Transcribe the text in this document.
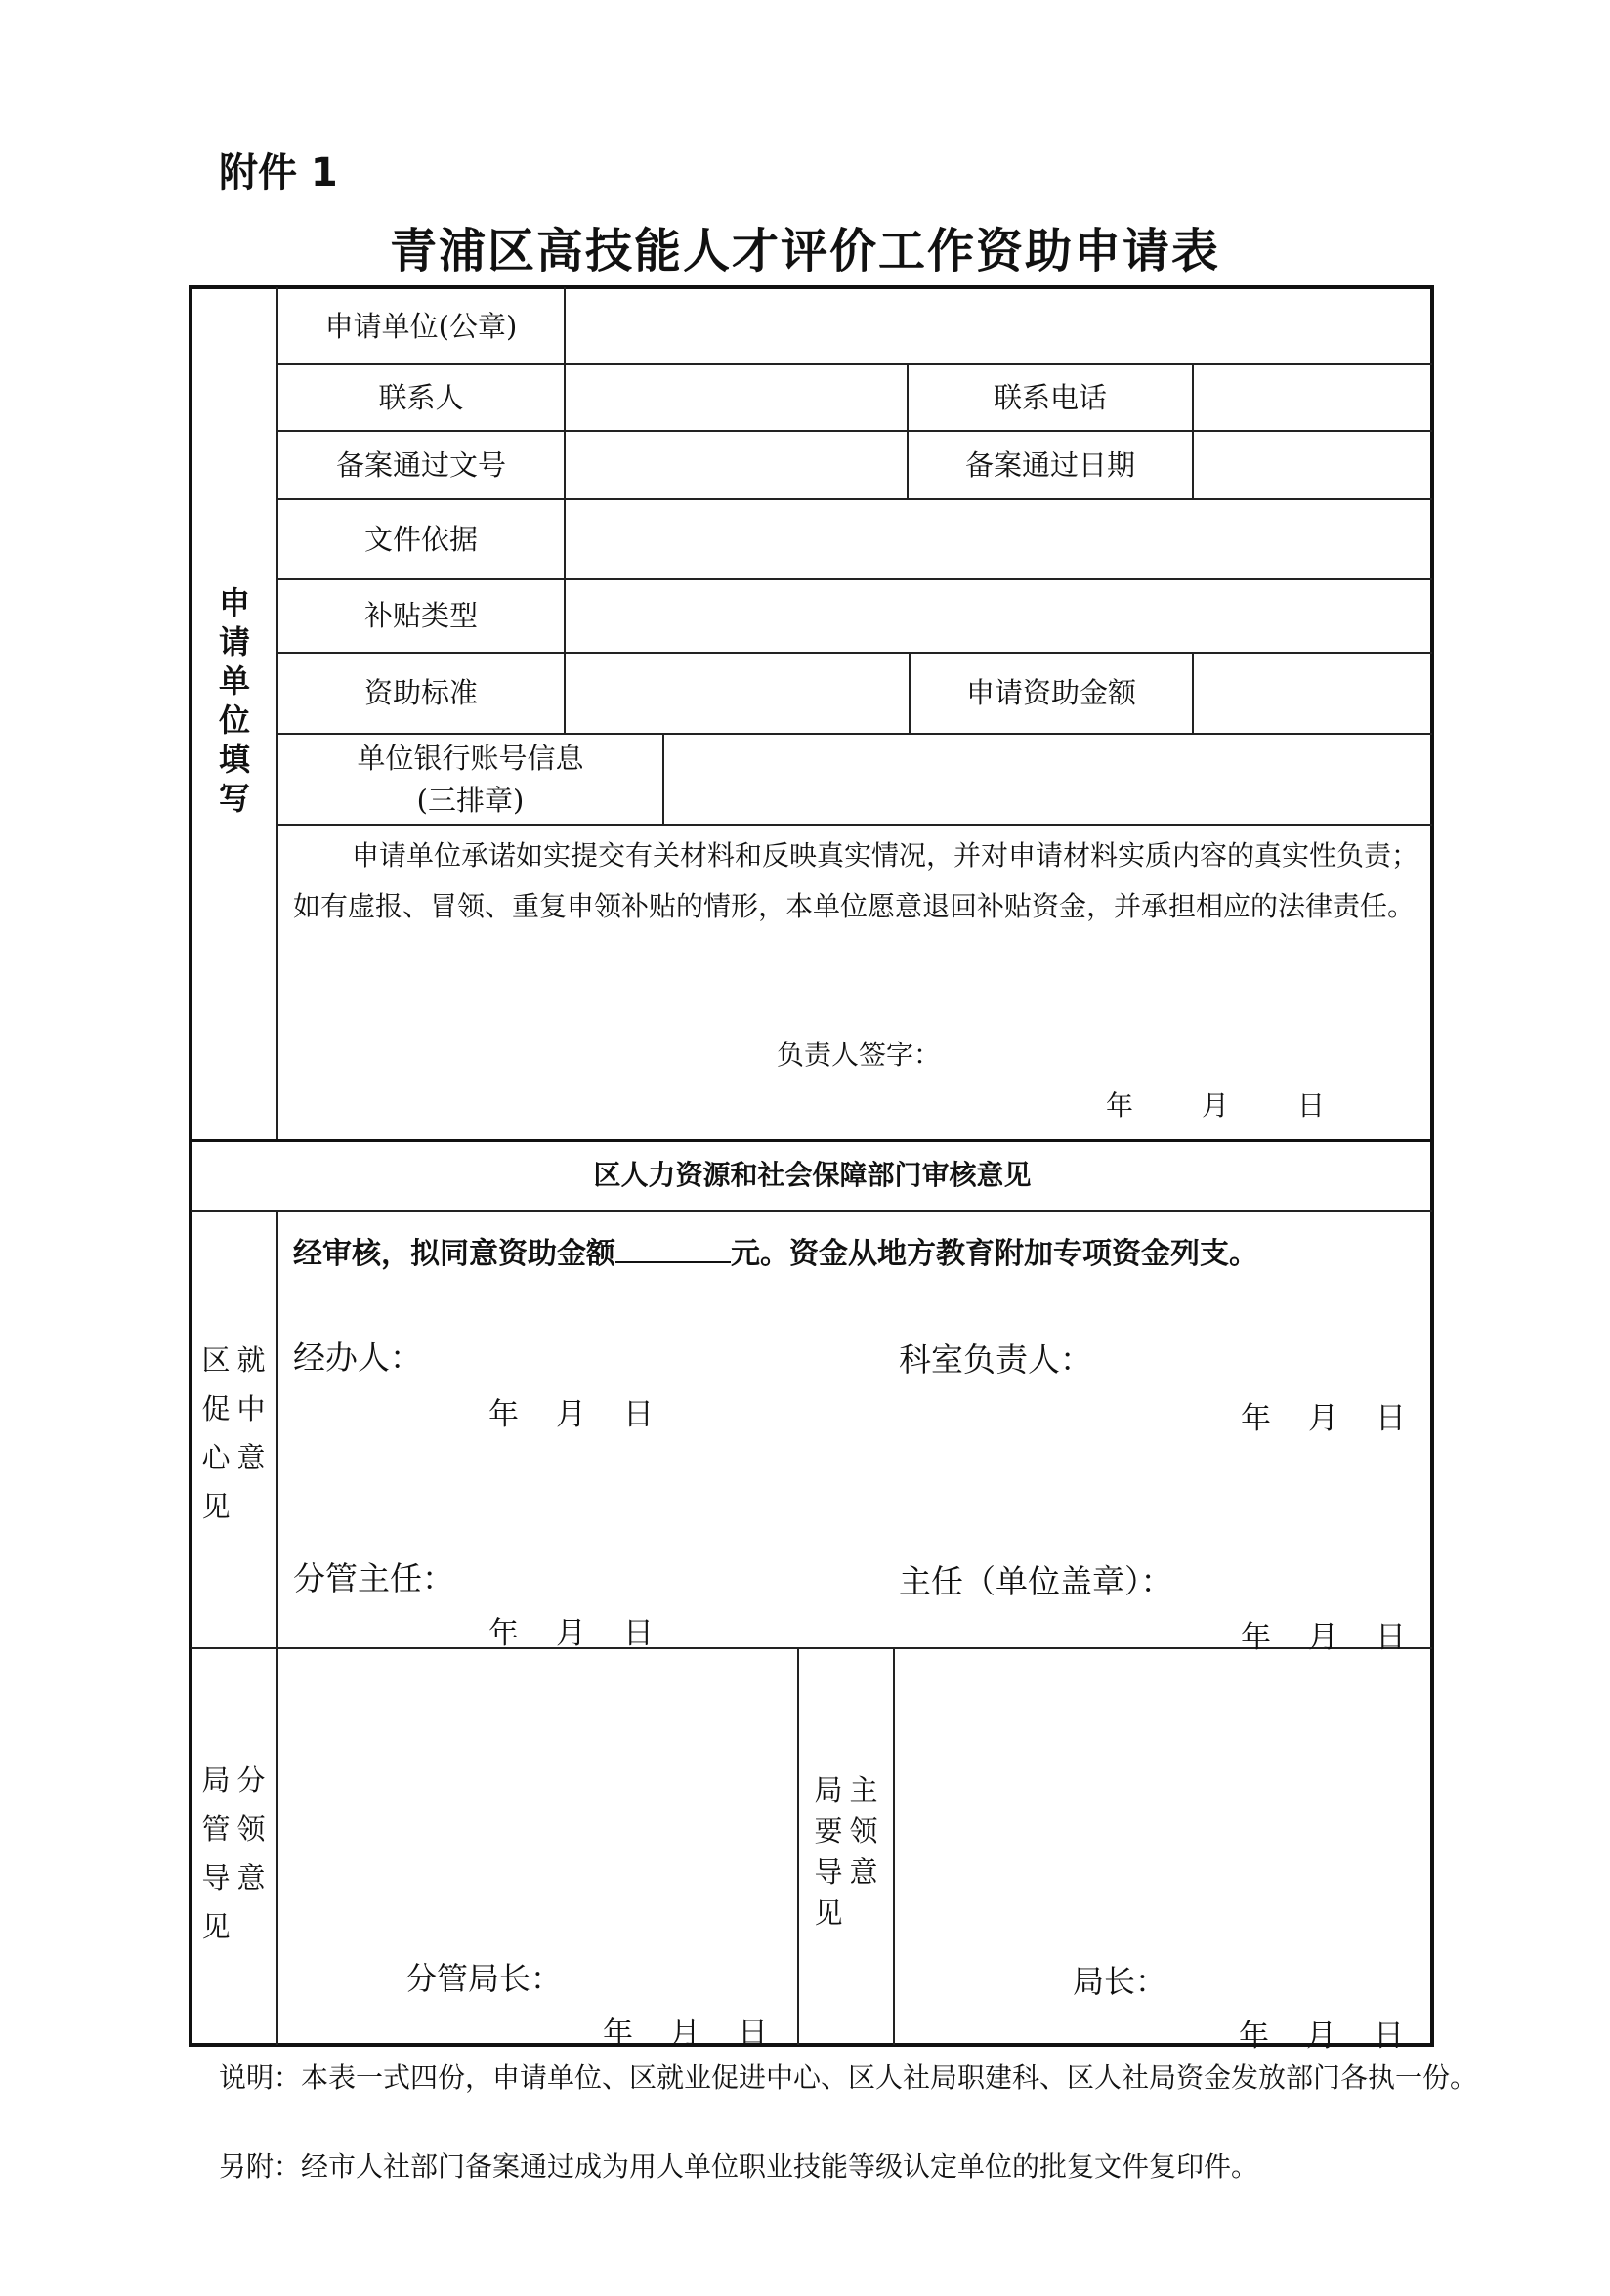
附件 1
青浦区高技能人才评价工作资助申请表
申请单位填写
申请单位(公章)
联系人	联系电话
备案通过文号	备案通过日期
文件依据
补贴类型
资助标准	申请资助金额
单位银行账号信息
(三排章)
申请单位承诺如实提交有关材料和反映真实情况，并对申请材料实质内容的真实性负责；如有虚报、冒领、重复申领补贴的情形，本单位愿意退回补贴资金，并承担相应的法律责任。
负责人签字：
年	月	日
区人力资源和社会保障部门审核意见
区 就
促 中
心 意
见
经审核，拟同意资助金额	元。资金从地方教育附加专项资金列支。
经办人：	科室负责人：
年 月 日	年 月 日
分管主任：	主任（单位盖章）：
年 月 日	年 月 日
局 分
管 领
导 意
见
分管局长：
年 月 日
局 主
要 领
导 意
见
局长：
年 月 日
说明：本表一式四份，申请单位、区就业促进中心、区人社局职建科、区人社局资金发放部门各执一份。
另附：经市人社部门备案通过成为用人单位职业技能等级认定单位的批复文件复印件。
